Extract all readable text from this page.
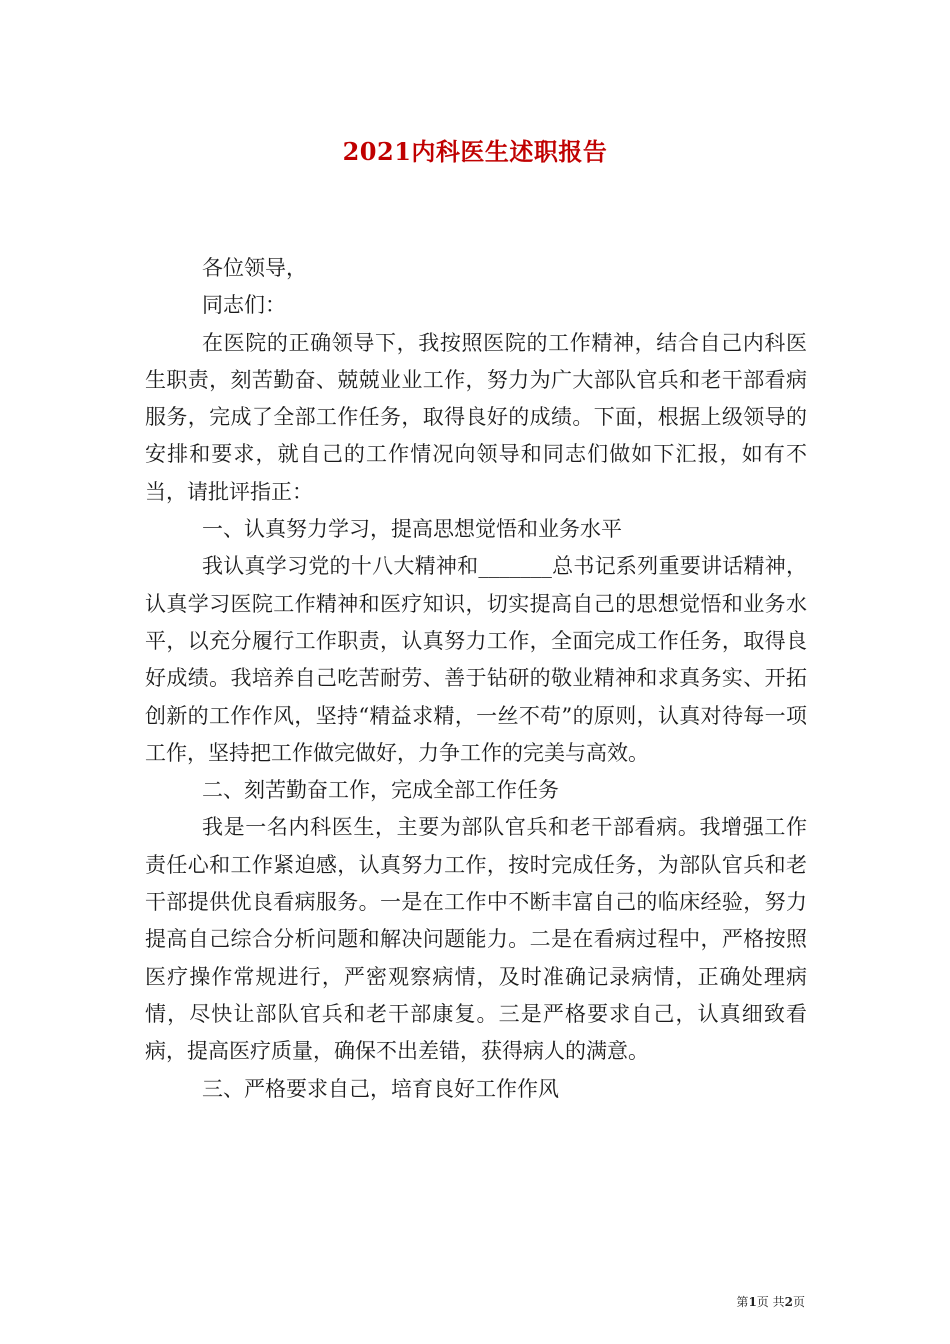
2021内科医生述职报告

各位领导，

同志们：

在医院的正确领导下，我按照医院的工作精神，结合自己内科医生职责，刻苦勤奋、兢兢业业工作，努力为广大部队官兵和老干部看病服务，完成了全部工作任务，取得良好的成绩。下面，根据上级领导的安排和要求，就自己的工作情况向领导和同志们做如下汇报，如有不当，请批评指正：

一、认真努力学习，提高思想觉悟和业务水平

我认真学习党的十八大精神和_______总书记系列重要讲话精神，认真学习医院工作精神和医疗知识，切实提高自己的思想觉悟和业务水平，以充分履行工作职责，认真努力工作，全面完成工作任务，取得良好成绩。我培养自己吃苦耐劳、善于钻研的敬业精神和求真务实、开拓创新的工作作风，坚持“精益求精，一丝不苟”的原则，认真对待每一项工作，坚持把工作做完做好，力争工作的完美与高效。

二、刻苦勤奋工作，完成全部工作任务

我是一名内科医生，主要为部队官兵和老干部看病。我增强工作责任心和工作紧迫感，认真努力工作，按时完成任务，为部队官兵和老干部提供优良看病服务。一是在工作中不断丰富自己的临床经验，努力提高自己综合分析问题和解决问题能力。二是在看病过程中，严格按照医疗操作常规进行，严密观察病情，及时准确记录病情，正确处理病情，尽快让部队官兵和老干部康复。三是严格要求自己，认真细致看病，提高医疗质量，确保不出差错，获得病人的满意。

三、严格要求自己，培育良好工作作风

第1页 共2页
